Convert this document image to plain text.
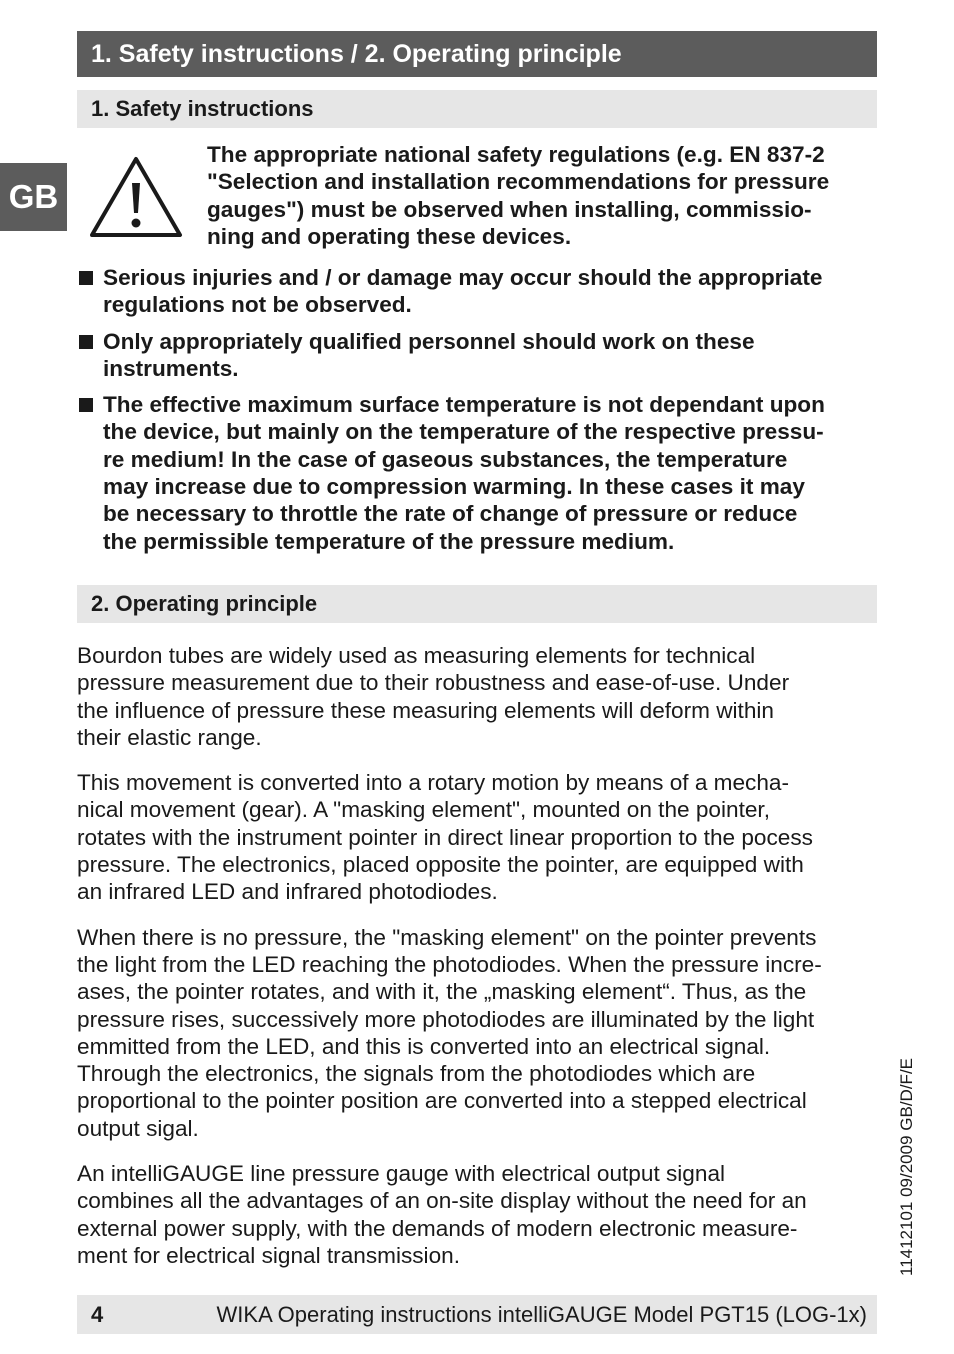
1. Safety instructions / 2. Operating principle
GB
1. Safety instructions

The appropriate national safety regulations (e.g. EN 837-2
"Selection and installation recommendations for pressure
gauges") must be observed when installing, commissio-
ning and operating these devices.

Serious injuries and / or damage may occur should the appropriate
regulations not be observed.
Only appropriately qualified personnel should work on these
instruments.
The effective maximum surface temperature is not dependant upon
the device, but mainly on the temperature of the respective pressu-
re medium! In the case of gaseous substances, the temperature
may increase due to compression warming. In these cases it may
be necessary to throttle the rate of change of pressure or reduce
the permissible temperature of the pressure medium.
2. Operating principle

Bourdon tubes are widely used as measuring elements for technical
pressure measurement due to their robustness and ease-of-use. Under
the influence of pressure these measuring elements will deform within
their elastic range.

This movement is converted into a rotary motion by means of a mecha-
nical movement (gear). A "masking element", mounted on the pointer,
rotates with the instrument pointer in direct linear proportion to the pocess
pressure. The electronics, placed opposite the pointer, are equipped with
an infrared LED and infrared photodiodes.

When there is no pressure, the "masking element" on the pointer prevents
the light from the LED reaching the photodiodes. When the pressure incre-
ases, the pointer rotates, and with it, the „masking element“. Thus, as the
pressure rises, successively more photodiodes are illuminated by the light
emmitted from the LED, and this is converted into an electrical signal.
Through the electronics, the signals from the photodiodes which are
proportional to the pointer position are converted into a stepped electrical
output sigal.

An intelliGAUGE line pressure gauge with electrical output signal
combines all the advantages of an on-site display without the need for an
external power supply, with the demands of modern electronic measure-
ment for electrical signal transmission.	11412101 09/2009 GB/D/F/E
4	WIKA Operating instructions intelliGAUGE Model PGT15 (LOG-1x)
